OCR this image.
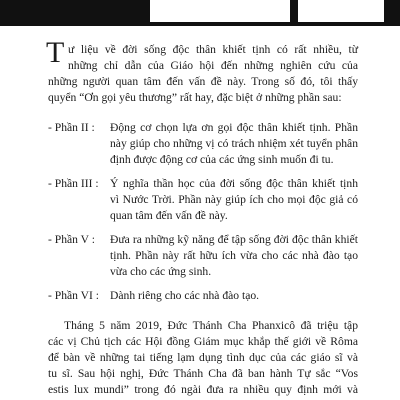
T ư liệu về đời sống độc thân khiết tịnh có rất nhiều, từ

những chỉ dẫn của Giáo hội đến những nghiên cứu của

những người quan tâm đến vấn đề này. Trong số đó, tôi thấy

quyển “Ơn gọi yêu thương” rất hay, đặc biệt ở những phần sau:

- Phần II : Động cơ chọn lựa ơn gọi độc thân khiết tịnh. Phần

này giúp cho những vị có trách nhiệm xét tuyển phân

định được động cơ của các ứng sinh muốn đi tu.

- Phần III : Ý nghĩa thần học của đời sống độc thân khiết tịnh

vì Nước Trời. Phần này giúp ích cho mọi độc giả có

quan tâm đến vấn đề này.

- Phần V : Đưa ra những kỹ năng để tập sống đời độc thân khiết

tịnh. Phần này rất hữu ích vừa cho các nhà đào tạo

vừa cho các ứng sinh.

- Phần VI : Dành riêng cho các nhà đào tạo.

Tháng 5 năm 2019, Đức Thánh Cha Phanxicô đã triệu tập

các vị Chủ tịch các Hội đồng Giám mục khắp thế giới về Rôma

để bàn về những tai tiếng lạm dụng tình dục của các giáo sĩ và

tu sĩ. Sau hội nghị, Đức Thánh Cha đã ban hành Tự sắc “Vos

estis lux mundi” trong đó ngài đưa ra nhiều quy định mới và
